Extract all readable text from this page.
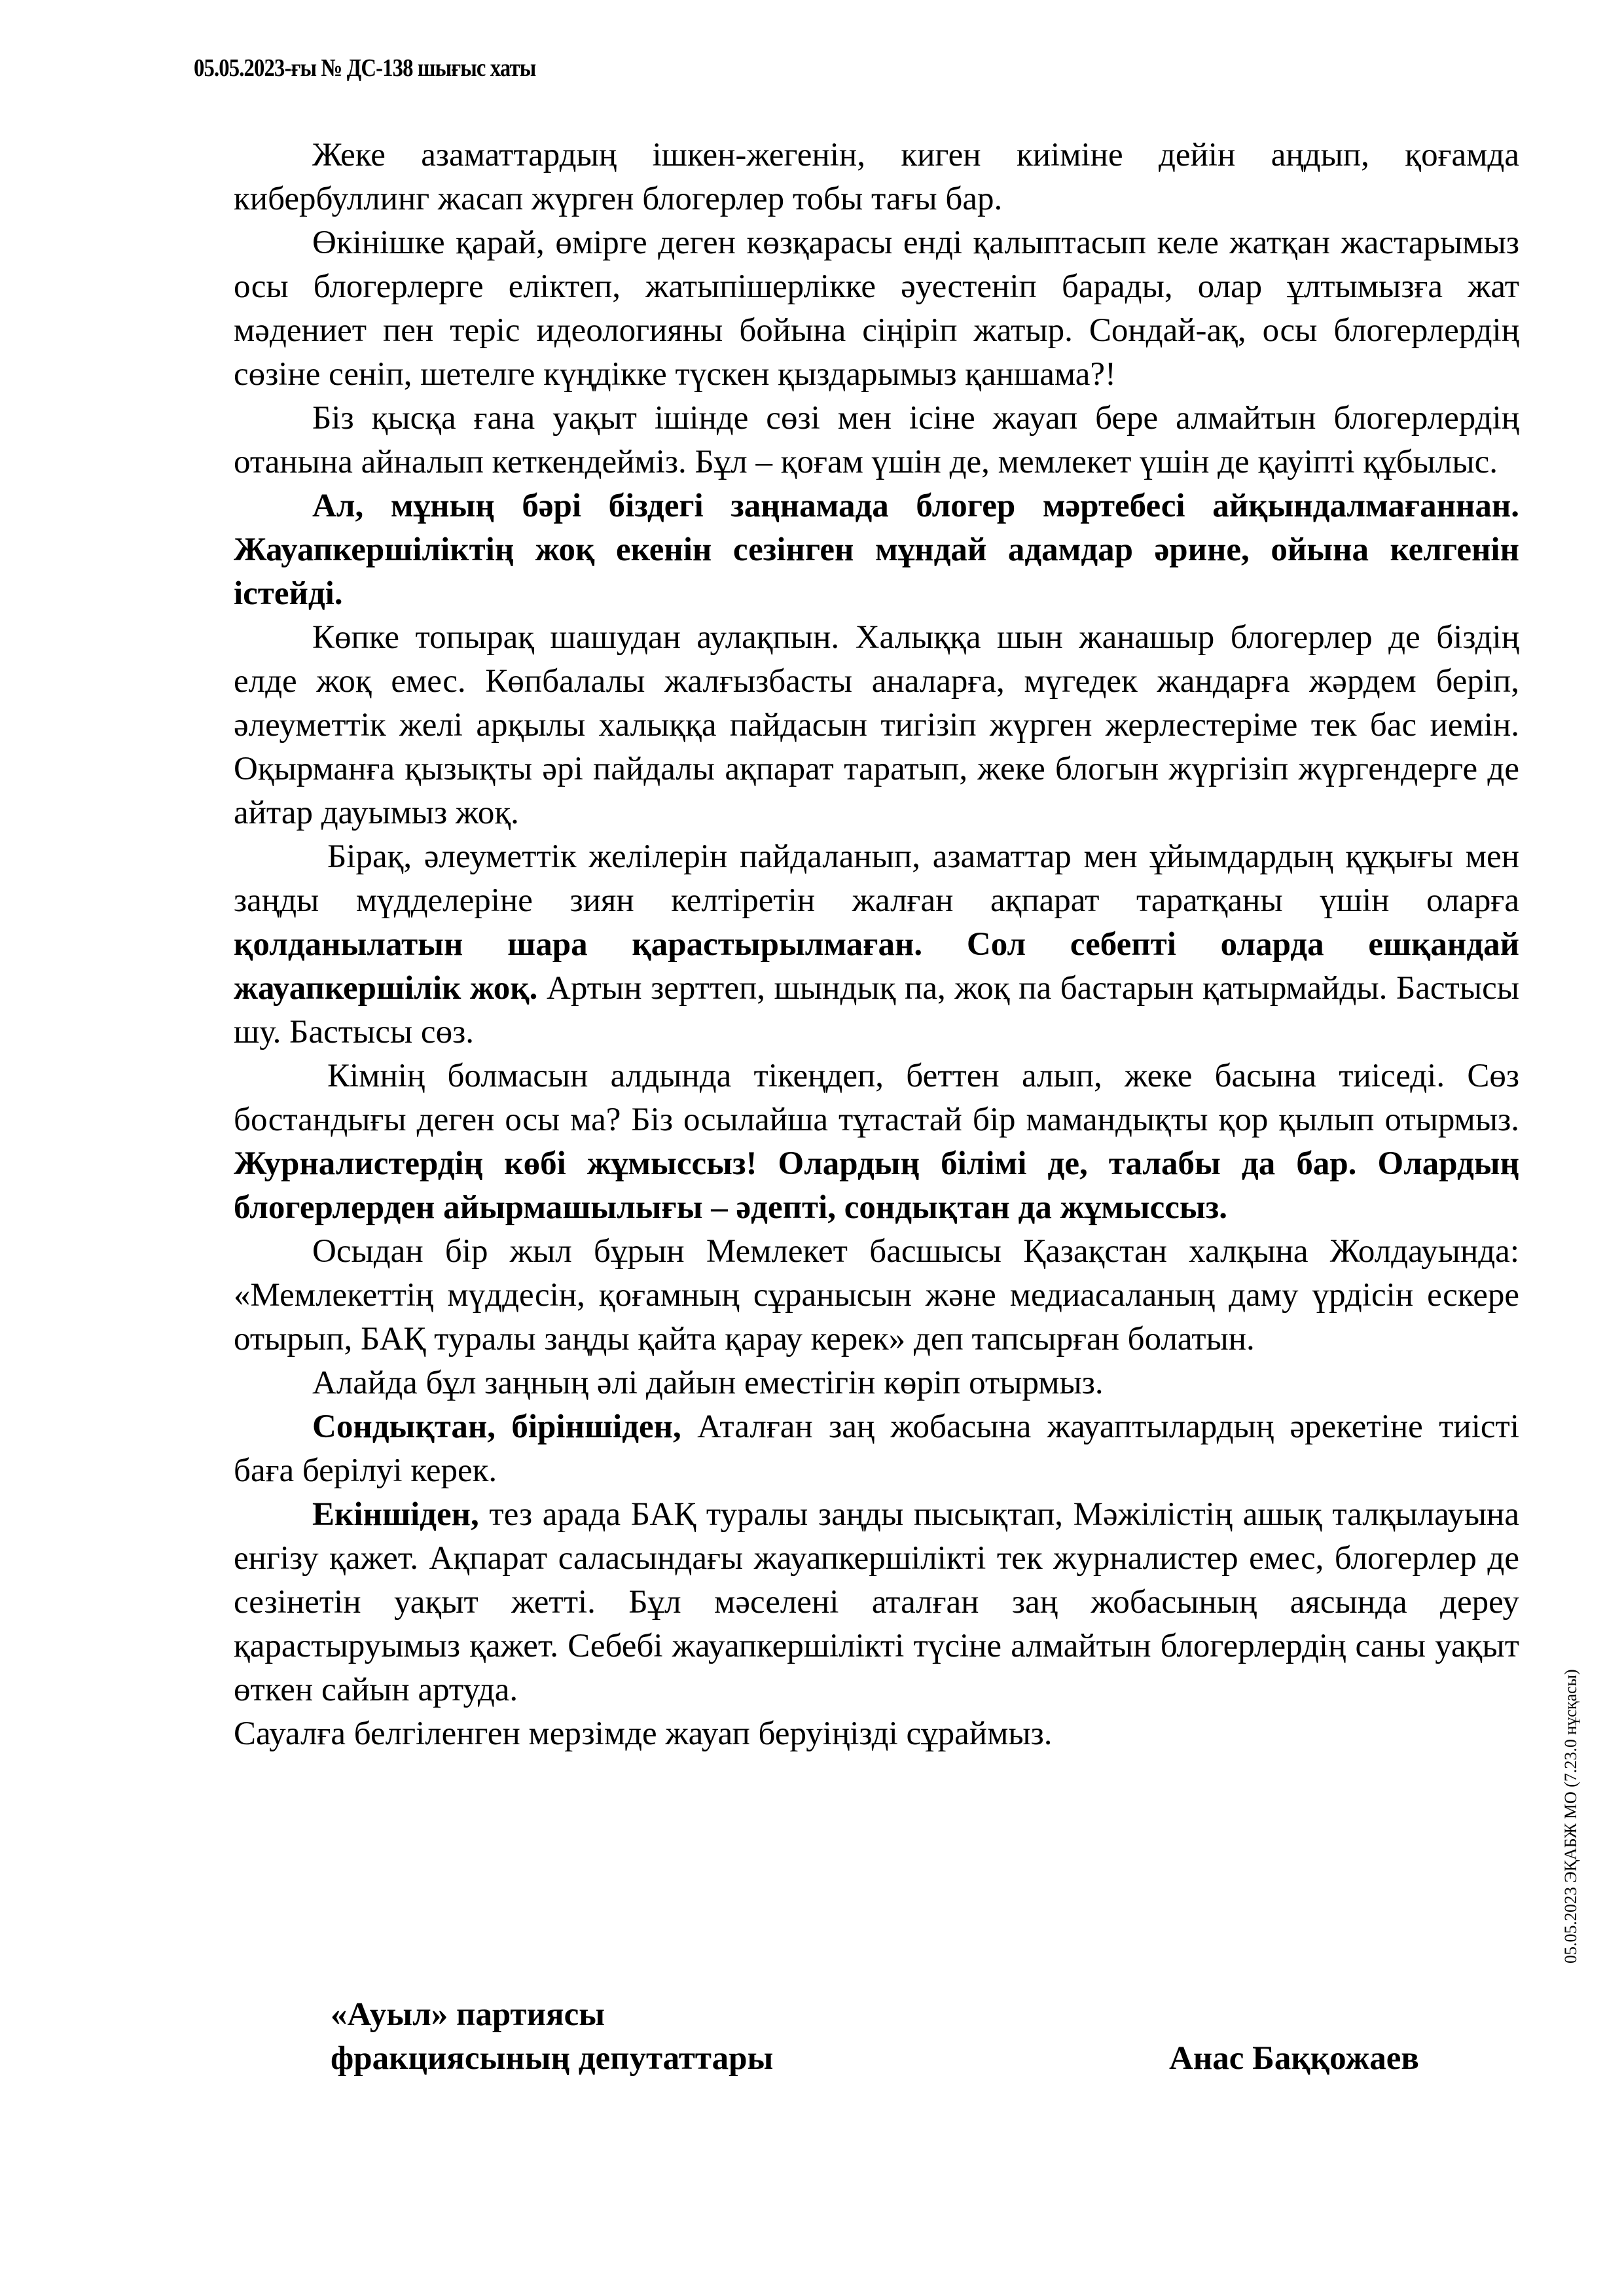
05.05.2023-ғы № ДС-138 шығыс хаты

Жеке азаматтардың ішкен-жегенін, киген киіміне дейін аңдып, қоғамда кибербуллинг жасап жүрген блогерлер тобы тағы бар.

Өкінішке қарай, өмірге деген көзқарасы енді қалыптасып келе жатқан жастарымыз осы блогерлерге еліктеп, жатыпішерлікке әуестеніп барады, олар ұлтымызға жат мәдениет пен теріс идеологияны бойына сіңіріп жатыр. Сондай-ақ, осы блогерлердің сөзіне сеніп, шетелге күңдікке түскен қыздарымыз қаншама?!

Біз қысқа ғана уақыт ішінде сөзі мен ісіне жауап бере алмайтын блогерлердің отанына айналып кеткендейміз. Бұл – қоғам үшін де, мемлекет үшін де қауіпті құбылыс.

Ал, мұның бәрі біздегі заңнамада блогер мәртебесі айқындалмағаннан. Жауапкершіліктің жоқ екенін сезінген мұндай адамдар әрине, ойына келгенін істейді.

Көпке топырақ шашудан аулақпын. Халыққа шын жанашыр блогерлер де біздің елде жоқ емес. Көпбалалы жалғызбасты аналарға, мүгедек жандарға жәрдем беріп, әлеуметтік желі арқылы халыққа пайдасын тигізіп жүрген жерлестеріме тек бас иемін. Оқырманға қызықты әрі пайдалы ақпарат таратып, жеке блогын жүргізіп жүргендерге де айтар дауымыз жоқ.

Бірақ, әлеуметтік желілерін пайдаланып, азаматтар мен ұйымдардың құқығы мен заңды мүдделеріне зиян келтіретін жалған ақпарат таратқаны үшін оларға қолданылатын шара қарастырылмаған. Сол себепті оларда ешқандай жауапкершілік жоқ. Артын зерттеп, шындық па, жоқ па бастарын қатырмайды. Бастысы шу. Бастысы сөз.

Кімнің болмасын алдында тікеңдеп, беттен алып, жеке басына тиіседі. Сөз бостандығы деген осы ма? Біз осылайша тұтастай бір мамандықты қор қылып отырмыз. Журналистердің көбі жұмыссыз! Олардың білімі де, талабы да бар. Олардың блогерлерден айырмашылығы – әдепті, сондықтан да жұмыссыз.

Осыдан бір жыл бұрын Мемлекет басшысы Қазақстан халқына Жолдауында: «Мемлекеттің мүддесін, қоғамның сұранысын және медиасаланың даму үрдісін ескере отырып, БАҚ туралы заңды қайта қарау керек» деп тапсырған болатын.

Алайда бұл заңның әлі дайын еместігін көріп отырмыз.

Сондықтан, біріншіден, Аталған заң жобасына жауаптылардың әрекетіне тиісті баға берілуі керек.

Екіншіден, тез арада БАҚ туралы заңды пысықтап, Мәжілістің ашық талқылауына енгізу қажет. Ақпарат саласындағы жауапкершілікті тек журналистер емес, блогерлер де сезінетін уақыт жетті. Бұл мәселені аталған заң жобасының аясында дереу қарастыруымыз қажет. Себебі жауапкершілікті түсіне алмайтын блогерлердің саны уақыт өткен сайын артуда.

Сауалға белгіленген мерзімде жауап беруіңізді сұраймыз.

«Ауыл» партиясы
фракциясының депутаттары	Анас Баққожаев
05.05.2023 ЭҚАБЖ МО (7.23.0 нұсқасы)
